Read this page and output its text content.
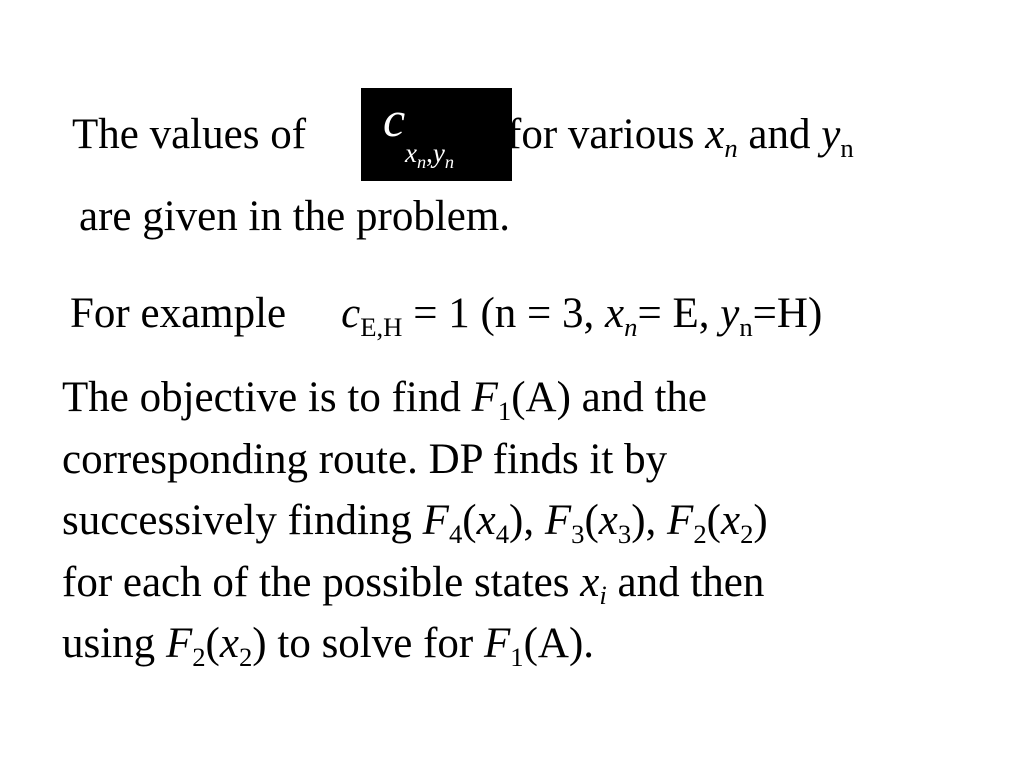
The values of c
$x_n,y_n$
for various $x_n$ and $y_n$
are given in the problem.
For example $c_{E,H} = 1$ (n = 3, $x_n= E$, $y_n=H$)
The objective is to find $F_1(A)$ and the
corresponding route. DP finds it by
successively finding $F_4(x_4)$, $F_3(x_3)$, $F_2(x_2)$
for each of the possible states $x_i$ and then
using $F_2(x_2)$ to solve for $F_1(A)$.
